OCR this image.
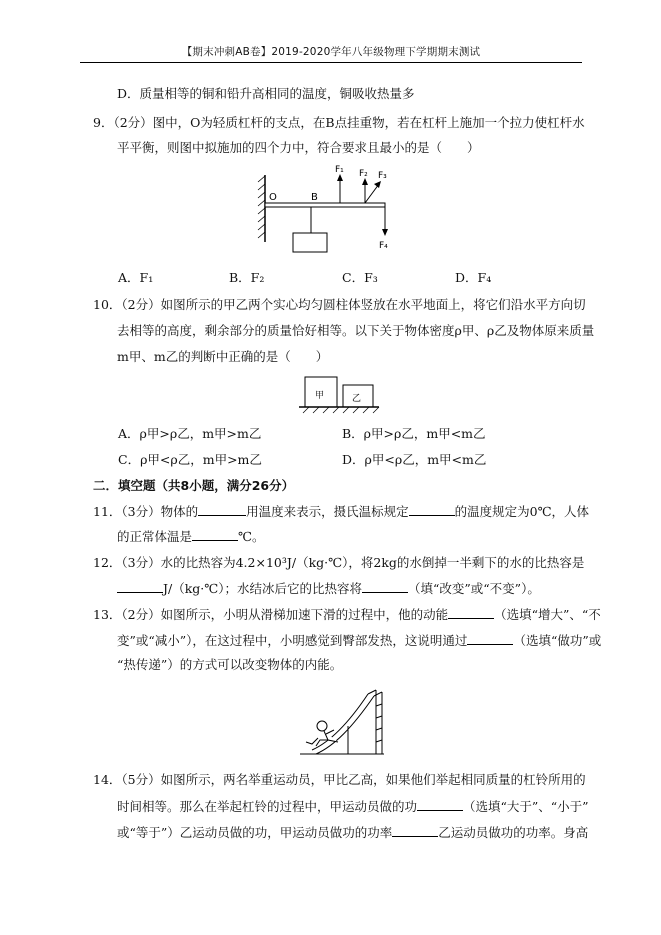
【期末冲刺AB卷】2019-2020学年八年级物理下学期期末测试
D．质量相等的铜和铅升高相同的温度，铜吸收热量多
9．（2分）图中，O为轻质杠杆的支点，在B点挂重物，若在杠杆上施加一个拉力使杠杆水
平平衡，则图中拟施加的四个力中，符合要求且最小的是（　　）
O	B
F₁ F₂ F₃
F₄
A．F₁	B．F₂	C．F₃	D．F₄
10．（2分）如图所示的甲乙两个实心均匀圆柱体竖放在水平地面上，将它们沿水平方向切
去相等的高度，剩余部分的质量恰好相等。以下关于物体密度ρ甲、ρ乙及物体原来质量
m甲、m乙的判断中正确的是（　　）
甲	乙
A．ρ甲>ρ乙，m甲>m乙	B．ρ甲>ρ乙，m甲<m乙
C．ρ甲<ρ乙，m甲>m乙	D．ρ甲<ρ乙，m甲<m乙
二．填空题（共8小题，满分26分）
11．（3分）物体的	用温度来表示，摄氏温标规定	的温度规定为0℃，人体
的正常体温是	℃。
12．（3分）水的比热容为4.2×10³J/（kg·℃），将2kg的水倒掉一半剩下的水的比热容是
J/（kg·℃）；水结冰后它的比热容将	（填“改变”或“不变”）。
13．（2分）如图所示，小明从滑梯加速下滑的过程中，他的动能	（选填“增大”、“不
变”或“减小”），在这过程中，小明感觉到臀部发热，这说明通过	（选填“做功”或
“热传递”）的方式可以改变物体的内能。
14．（5分）如图所示，两名举重运动员，甲比乙高，如果他们举起相同质量的杠铃所用的
时间相等。那么在举起杠铃的过程中，甲运动员做的功	（选填“大于”、“小于”
或“等于”）乙运动员做的功，甲运动员做功的功率	乙运动员做功的功率。身高
